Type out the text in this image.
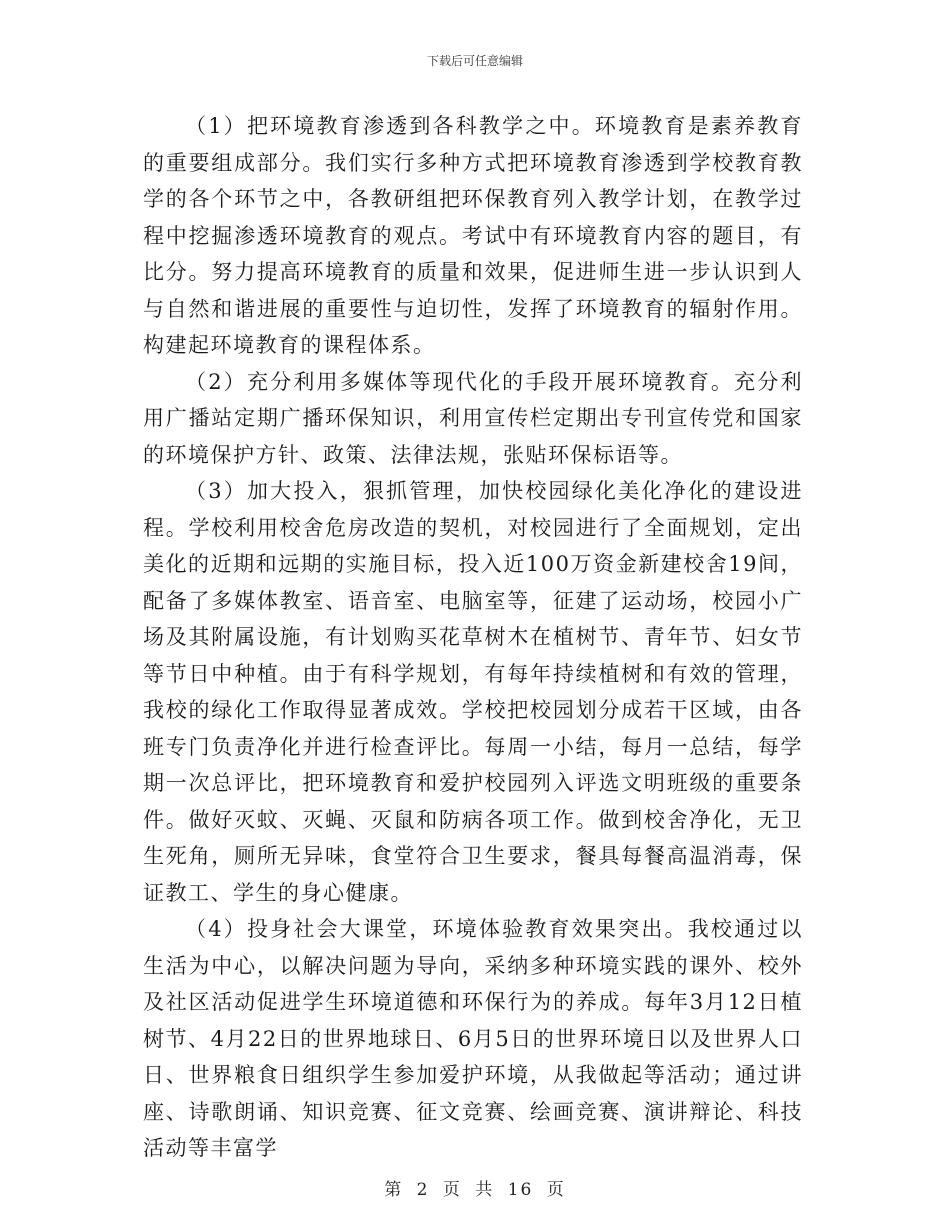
下载后可任意编辑

（1）把环境教育渗透到各科教学之中。环境教育是素养教育的重要组成部分。我们实行多种方式把环境教育渗透到学校教育教学的各个环节之中，各教研组把环保教育列入教学计划，在教学过程中挖掘渗透环境教育的观点。考试中有环境教育内容的题目，有比分。努力提高环境教育的质量和效果，促进师生进一步认识到人与自然和谐进展的重要性与迫切性，发挥了环境教育的辐射作用。构建起环境教育的课程体系。

（2）充分利用多媒体等现代化的手段开展环境教育。充分利用广播站定期广播环保知识，利用宣传栏定期出专刊宣传党和国家的环境保护方针、政策、法律法规，张贴环保标语等。

（3）加大投入，狠抓管理，加快校园绿化美化净化的建设进程。学校利用校舍危房改造的契机，对校园进行了全面规划，定出美化的近期和远期的实施目标，投入近100万资金新建校舍19间，配备了多媒体教室、语音室、电脑室等，征建了运动场，校园小广场及其附属设施，有计划购买花草树木在植树节、青年节、妇女节等节日中种植。由于有科学规划，有每年持续植树和有效的管理，我校的绿化工作取得显著成效。学校把校园划分成若干区域，由各班专门负责净化并进行检查评比。每周一小结，每月一总结，每学期一次总评比，把环境教育和爱护校园列入评选文明班级的重要条件。做好灭蚊、灭蝇、灭鼠和防病各项工作。做到校舍净化，无卫生死角，厕所无异味，食堂符合卫生要求，餐具每餐高温消毒，保证教工、学生的身心健康。

（4）投身社会大课堂，环境体验教育效果突出。我校通过以生活为中心，以解决问题为导向，采纳多种环境实践的课外、校外及社区活动促进学生环境道德和环保行为的养成。每年3月12日植树节、4月22日的世界地球日、6月5日的世界环境日以及世界人口日、世界粮食日组织学生参加爱护环境，从我做起等活动；通过讲座、诗歌朗诵、知识竞赛、征文竞赛、绘画竞赛、演讲辩论、科技活动等丰富学

第 2 页 共 16 页
